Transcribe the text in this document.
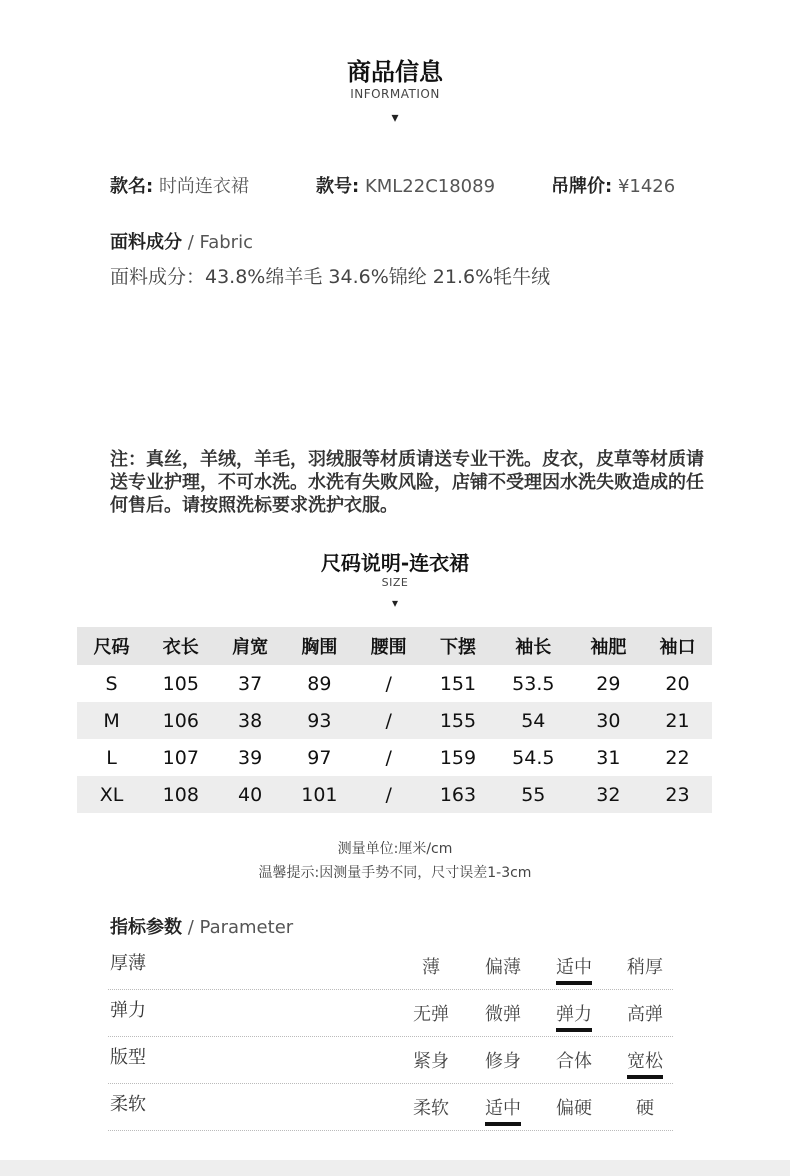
商品信息
INFORMATION
▾
款名: 时尚连衣裙	款号: KML22C18089	吊牌价: ¥1426
面料成分 / Fabric
面料成分：43.8%绵羊毛 34.6%锦纶 21.6%牦牛绒
注：真丝，羊绒，羊毛，羽绒服等材质请送专业干洗。皮衣，皮草等材质请送专业护理，不可水洗。水洗有失败风险，店铺不受理因水洗失败造成的任何售后。请按照洗标要求洗护衣服。
尺码说明-连衣裙
SIZE
▾
尺码	衣长	肩宽	胸围	腰围	下摆	袖长	袖肥	袖口
S	105	37	89	/	151	53.5	29	20
M	106	38	93	/	155	54	30	21
L	107	39	97	/	159	54.5	31	22
XL	108	40	101	/	163	55	32	23
测量单位:厘米/cm
温馨提示:因测量手势不同，尺寸误差1-3cm
指标参数 / Parameter
厚薄	薄	偏薄	适中	稍厚
弹力	无弹	微弹	弹力	高弹
版型	紧身	修身	合体	宽松
柔软	柔软	适中	偏硬	硬
